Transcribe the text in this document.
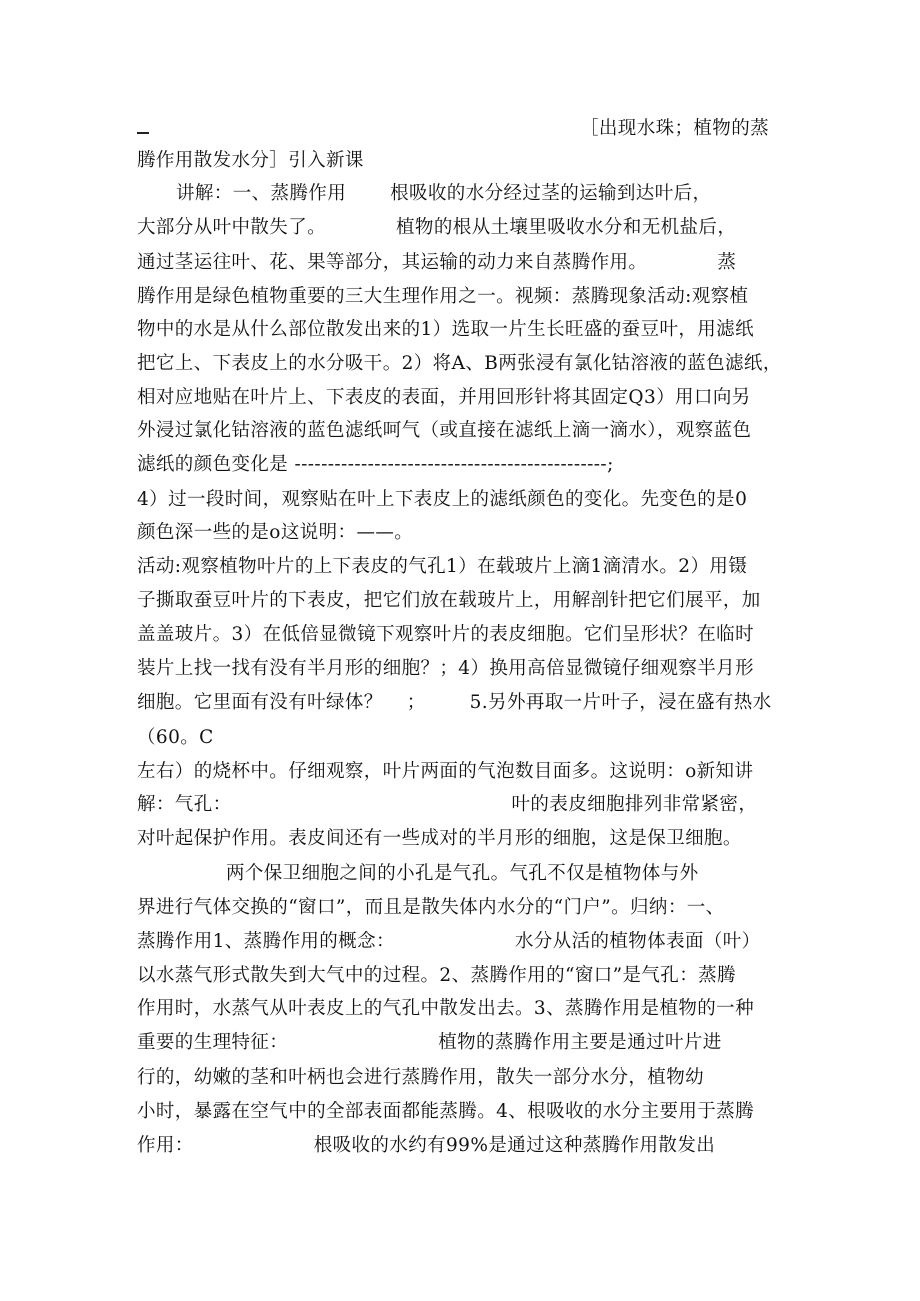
［出现水珠；植物的蒸
腾作用散发水分］引入新课
讲解：一、蒸腾作用 根吸收的水分经过茎的运输到达叶后，
大部分从叶中散失了。	植物的根从土壤里吸收水分和无机盐后，
通过茎运往叶、花、果等部分，其运输的动力来自蒸腾作用。	蒸
腾作用是绿色植物重要的三大生理作用之一。视频：蒸腾现象活动:观察植
物中的水是从什么部位散发出来的1）选取一片生长旺盛的蚕豆叶，用滤纸
把它上、下表皮上的水分吸干。2）将A、B两张浸有氯化钴溶液的蓝色滤纸，
相对应地贴在叶片上、下表皮的表面，并用回形针将其固定Q3）用口向另
外浸过氯化钴溶液的蓝色滤纸呵气（或直接在滤纸上滴一滴水），观察蓝色
滤纸的颜色变化是 -----------------------------------------------;
4）过一段时间，观察贴在叶上下表皮上的滤纸颜色的变化。先变色的是0
颜色深一些的是o这说明：——。
活动:观察植物叶片的上下表皮的气孔1）在载玻片上滴1滴清水。2）用镊
子撕取蚕豆叶片的下表皮，把它们放在载玻片上，用解剖针把它们展平，加
盖盖玻片。3）在低倍显微镜下观察叶片的表皮细胞。它们呈形状？在临时
装片上找一找有没有半月形的细胞？；4）换用高倍显微镜仔细观察半月形
细胞。它里面有没有叶绿体？ ； 5.另外再取一片叶子，浸在盛有热水
（60。C
左右）的烧杯中。仔细观察，叶片两面的气泡数目面多。这说明：o新知讲
解：气孔：	叶的表皮细胞排列非常紧密，
对叶起保护作用。表皮间还有一些成对的半月形的细胞，这是保卫细胞。
两个保卫细胞之间的小孔是气孔。气孔不仅是植物体与外
界进行气体交换的“窗口”，而且是散失体内水分的“门户”。归纳：一、
蒸腾作用1、蒸腾作用的概念：	水分从活的植物体表面（叶）
以水蒸气形式散失到大气中的过程。2、蒸腾作用的“窗口”是气孔：蒸腾
作用时，水蒸气从叶表皮上的气孔中散发出去。3、蒸腾作用是植物的一种
重要的生理特征：	植物的蒸腾作用主要是通过叶片进
行的，幼嫩的茎和叶柄也会进行蒸腾作用，散失一部分水分，植物幼
小时，暴露在空气中的全部表面都能蒸腾。4、根吸收的水分主要用于蒸腾
作用：	根吸收的水约有99%是通过这种蒸腾作用散发出
